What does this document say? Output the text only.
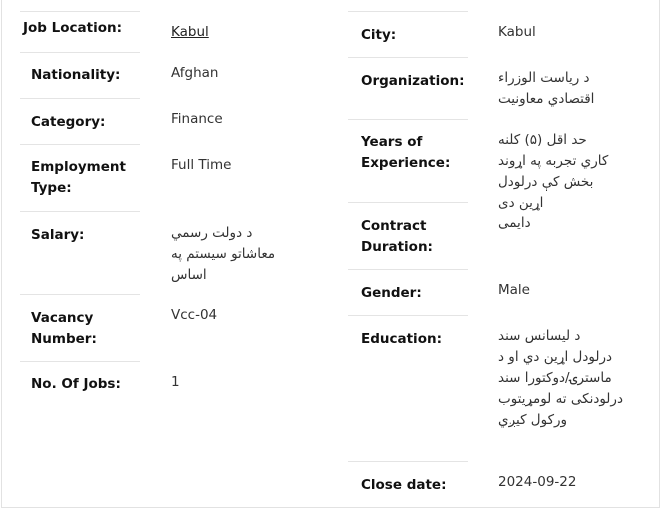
Job Location:	Kabul
Nationality:	Afghan
Category:	Finance
Employment Type:
Full Time
Salary:	د دولت رسمي معاشاتو سیستم په اساس
Vacancy Number:
Vcc-04
No. Of Jobs:	1
City:	Kabul
Organization: د ریاست الوزراء اقتصادي معاونیت
Years of Experience:
حد اقل (۵) کلنه کاري تجربه په اړوند بخش کې درلودل اړین دی
Contract Duration:
دایمی
Gender:	Male
Education:	د لیسانس سند درلودل اړین دي او د ماسترۍ/دوکتورا سند درلودنکی ته لومړیتوب ورکول کیږي
Close date:	2024-09-22
